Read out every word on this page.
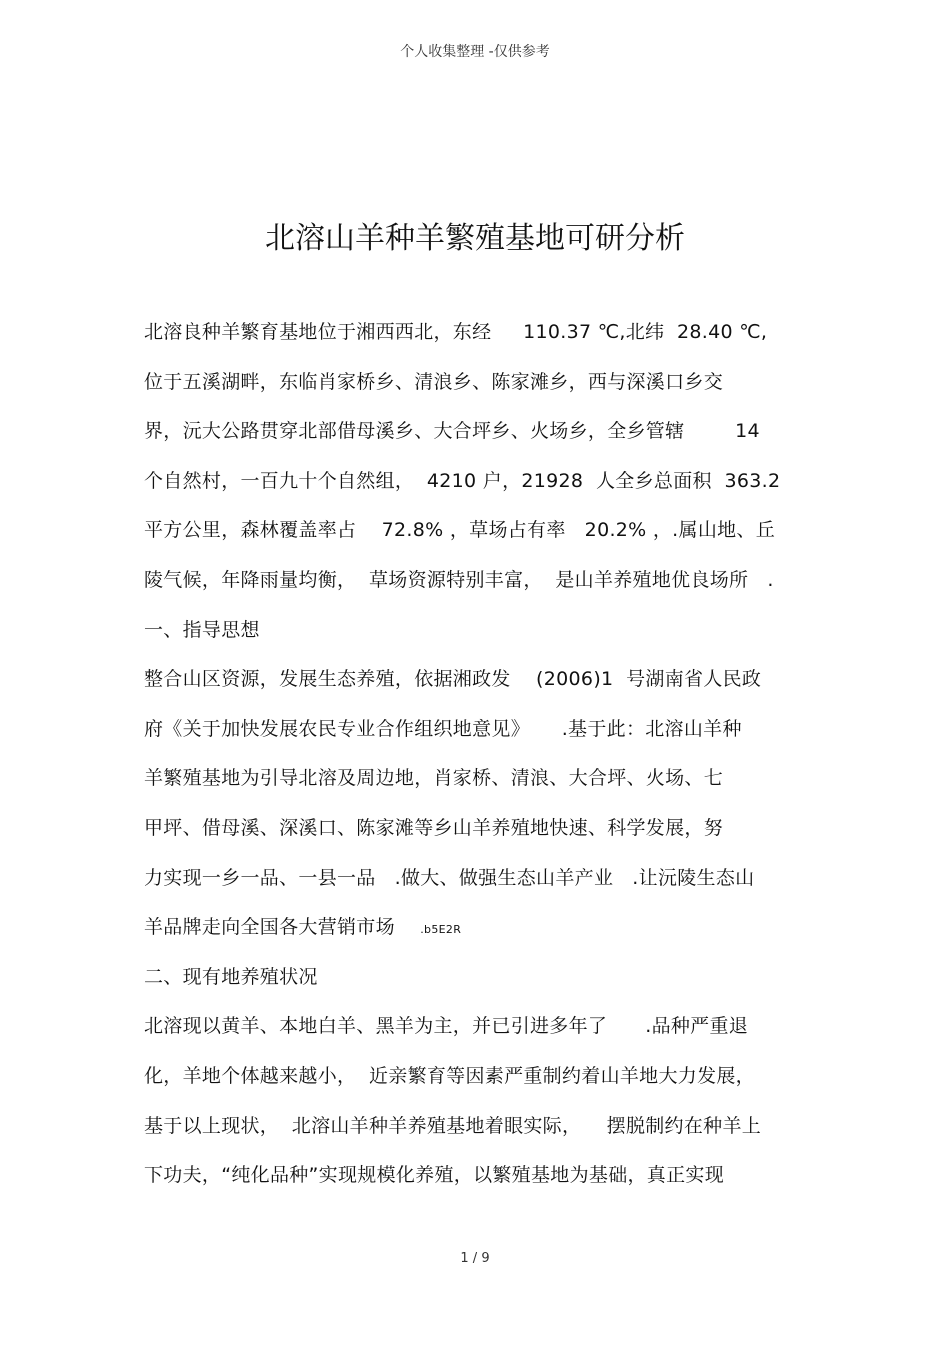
个人收集整理 -仅供参考
北溶山羊种羊繁殖基地可研分析
北溶良种羊繁育基地位于湘西西北，东经     110.37 ℃,北纬  28.40 ℃,
位于五溪湖畔，东临肖家桥乡、清浪乡、陈家滩乡，西与深溪口乡交
界，沅大公路贯穿北部借母溪乡、大合坪乡、火场乡，全乡管辖        14
个自然村，一百九十个自然组，  4210 户，21928  人全乡总面积  363.2
平方公里，森林覆盖率占    72.8% ，草场占有率   20.2% ，.属山地、丘
陵气候，年降雨量均衡，  草场资源特别丰富，  是山羊养殖地优良场所   .
一、指导思想
整合山区资源，发展生态养殖，依据湘政发    (2006)1  号湖南省人民政
府《关于加快发展农民专业合作组织地意见》     .基于此：北溶山羊种
羊繁殖基地为引导北溶及周边地，肖家桥、清浪、大合坪、火场、七
甲坪、借母溪、深溪口、陈家滩等乡山羊养殖地快速、科学发展，努
力实现一乡一品、一县一品   .做大、做强生态山羊产业   .让沅陵生态山
羊品牌走向全国各大营销市场    .b5E2R
二、现有地养殖状况
北溶现以黄羊、本地白羊、黑羊为主，并已引进多年了      .品种严重退
化，羊地个体越来越小，  近亲繁育等因素严重制约着山羊地大力发展，
基于以上现状，  北溶山羊种羊养殖基地着眼实际，    摆脱制约在种羊上
下功夫，“纯化品种”实现规模化养殖，以繁殖基地为基础，真正实现
1 / 9
